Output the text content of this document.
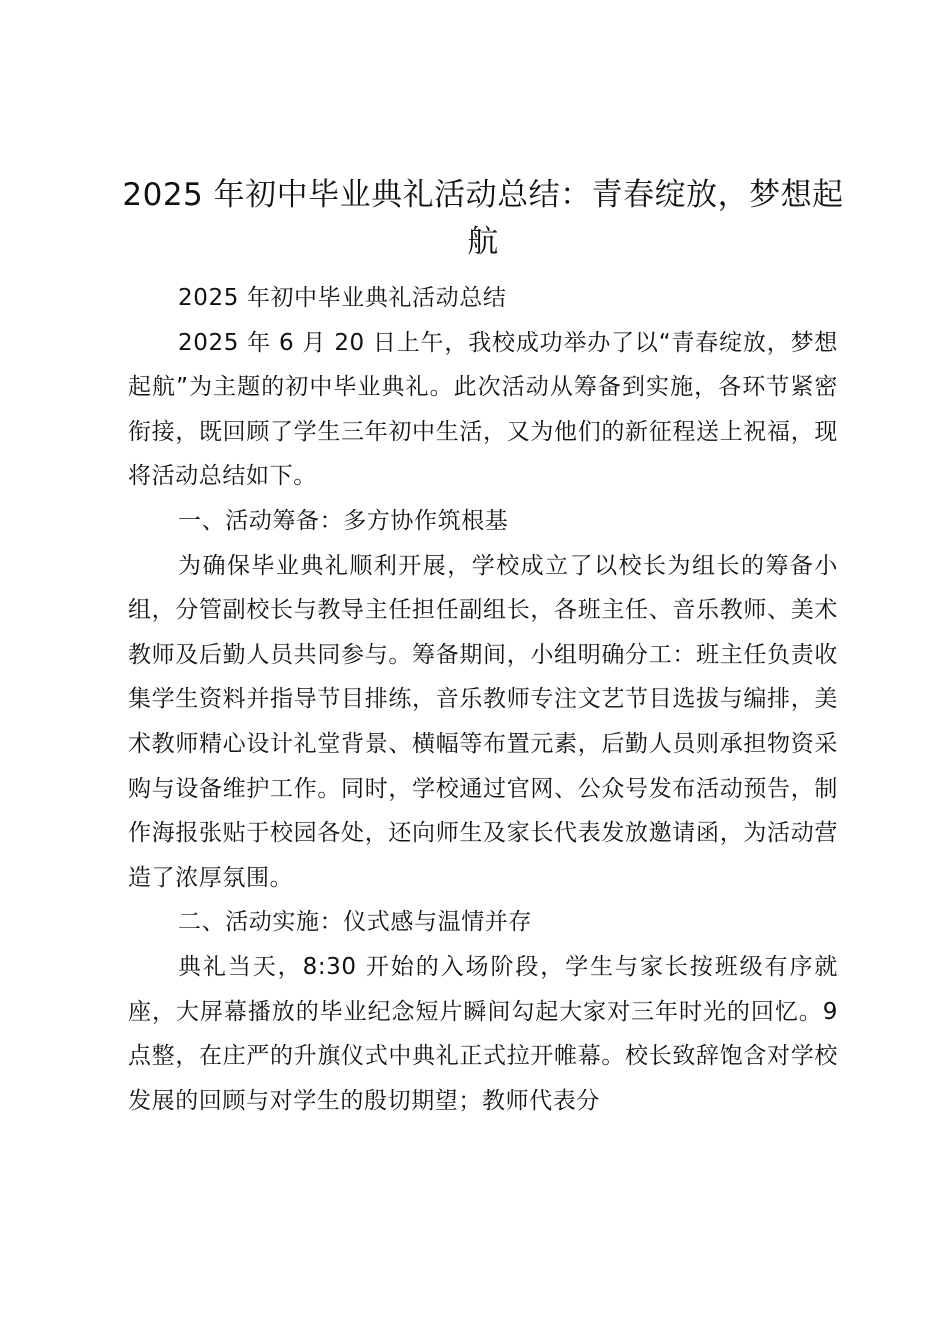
2025 年初中毕业典礼活动总结：青春绽放，梦想起航

2025 年初中毕业典礼活动总结

2025 年 6 月 20 日上午，我校成功举办了以“青春绽放，梦想起航”为主题的初中毕业典礼。此次活动从筹备到实施，各环节紧密衔接，既回顾了学生三年初中生活，又为他们的新征程送上祝福，现将活动总结如下。

一、活动筹备：多方协作筑根基

为确保毕业典礼顺利开展，学校成立了以校长为组长的筹备小组，分管副校长与教导主任担任副组长，各班主任、音乐教师、美术教师及后勤人员共同参与。筹备期间，小组明确分工：班主任负责收集学生资料并指导节目排练，音乐教师专注文艺节目选拔与编排，美术教师精心设计礼堂背景、横幅等布置元素，后勤人员则承担物资采购与设备维护工作。同时，学校通过官网、公众号发布活动预告，制作海报张贴于校园各处，还向师生及家长代表发放邀请函，为活动营造了浓厚氛围。

二、活动实施：仪式感与温情并存

典礼当天，8:30 开始的入场阶段，学生与家长按班级有序就座，大屏幕播放的毕业纪念短片瞬间勾起大家对三年时光的回忆。9 点整，在庄严的升旗仪式中典礼正式拉开帷幕。校长致辞饱含对学校发展的回顾与对学生的殷切期望；教师代表分
